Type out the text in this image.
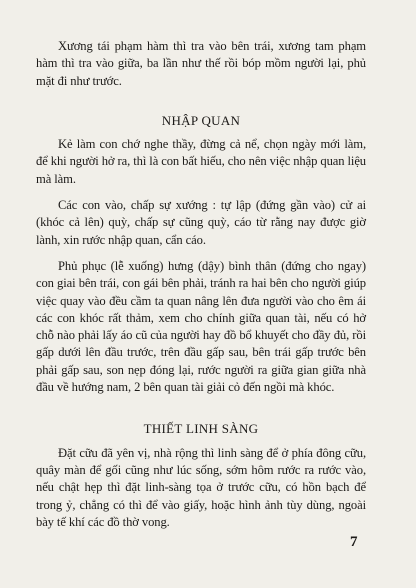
Xương tái phạm hàm thì tra vào bên trái, xương tam phạm hàm thì tra vào giữa, ba lần như thế rồi bóp mồm người lại, phủ mặt đi như trước.

NHẬP QUAN

Kẻ làm con chớ nghe thầy, đừng cả nể, chọn ngày mới làm, để khi người hở ra, thì là con bất hiếu, cho nên việc nhập quan liệu mà làm.

Các con vào, chấp sự xướng : tự lập (đứng gần vào) cử ai (khóc cả lên) quỳ, chấp sự cũng quỳ, cáo từ rằng nay được giờ lành, xin rước nhập quan, cẩn cáo.

Phủ phục (lễ xuống) hưng (dậy) bình thân (đứng cho ngay) con giai bên trái, con gái bên phải, tránh ra hai bên cho người giúp việc quay vào đều cầm ta quan nâng lên đưa người vào cho êm ái các con khóc rất thảm, xem cho chính giữa quan tài, nếu có hở chỗ nào phải lấy áo cũ của người hay đồ bổ khuyết cho đầy đủ, rồi gấp dưới lên đầu trước, trên đầu gấp sau, bên trái gấp trước bên phải gấp sau, son nẹp đóng lại, rước người ra giữa gian giữa nhà đầu về hướng nam, 2 bên quan tài giải cỏ đến ngồi mà khóc.

THIẾT LINH SÀNG

Đặt cữu đã yên vị, nhà rộng thì linh sàng để ở phía đông cữu, quây màn để gối cũng như lúc sống, sớm hôm rước ra rước vào, nếu chật hẹp thì đặt linh-sàng tọa ở trước cữu, có hồn bạch để trong ỷ, chẳng có thì để vào giấy, hoặc hình ảnh tùy dùng, ngoài bày tế khí các đồ thờ vong.

7
